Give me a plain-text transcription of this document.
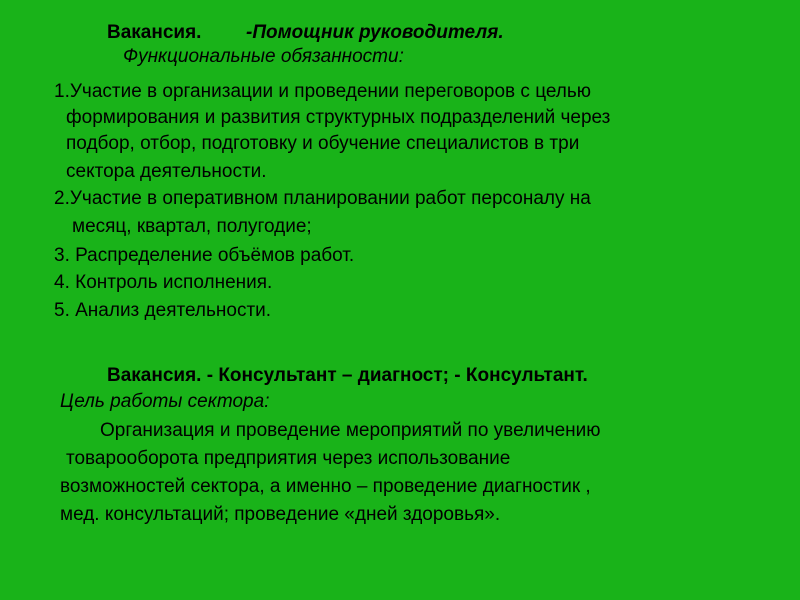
Вакансия. -Помощник руководителя.
Функциональные обязанности:
1.Участие в организации и проведении переговоров с целью
формирования и развития структурных подразделений через
подбор, отбор, подготовку и обучение специалистов в три
сектора деятельности.
2.Участие в оперативном планировании работ персоналу на
месяц, квартал, полугодие;
3. Распределение объёмов работ.
4. Контроль исполнения.
5. Анализ деятельности.
Вакансия. - Консультант – диагност; - Консультант.
Цель работы сектора:
Организация и проведение мероприятий по увеличению
товарооборота предприятия через использование
возможностей сектора, а именно – проведение диагностик ,
мед. консультаций; проведение «дней здоровья».
